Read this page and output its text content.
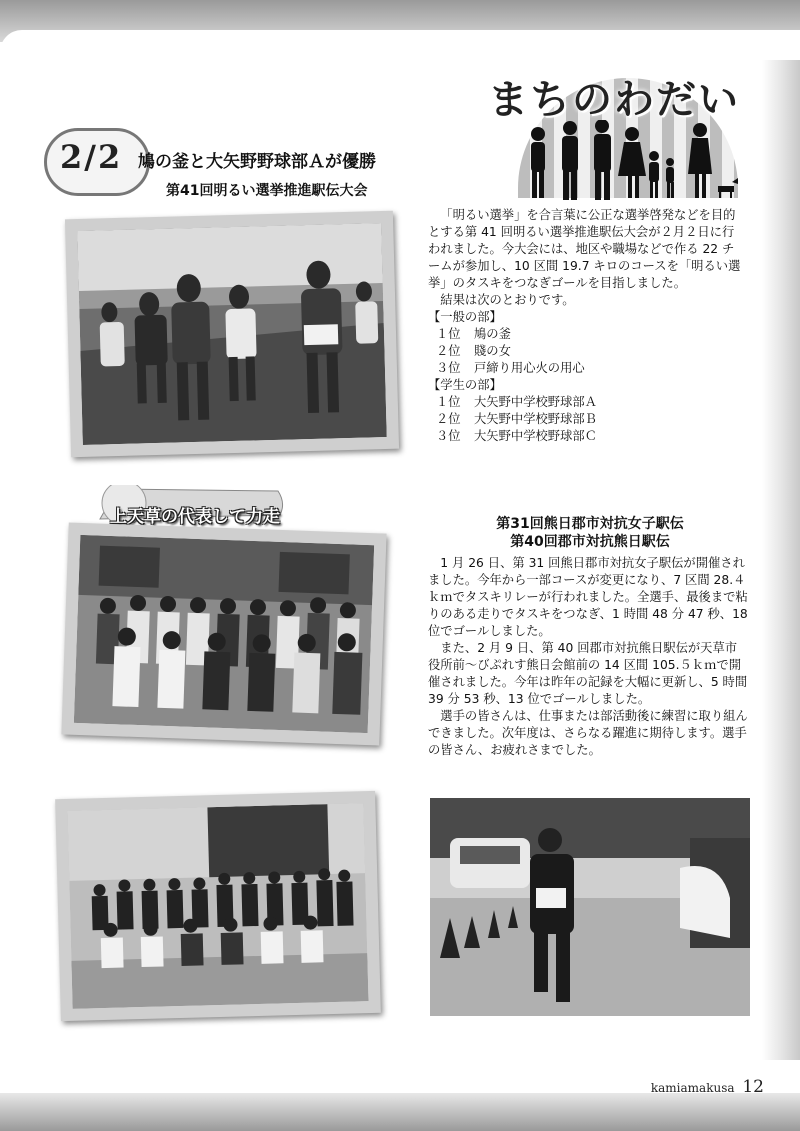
まちのわだい
2/2 鳩の釜と大矢野野球部Ａが優勝
第41回明るい選挙推進駅伝大会

「明るい選挙」を合言葉に公正な選挙啓発などを目的とする第 41 回明るい選挙推進駅伝大会が２月２日に行われました。今大会には、地区や職場などで作る 22 チームが参加し、10 区間 19.7 キロのコースを「明るい選挙」のタスキをつなぎゴールを目指しました。

結果は次のとおりです。

【一般の部】

１位 鳩の釜

２位 賤の女

３位 戸締り用心火の用心

【学生の部】

１位 大矢野中学校野球部Ａ

２位 大矢野中学校野球部Ｂ

３位 大矢野中学校野球部Ｃ

上天草の代表して力走	第31回熊日郡市対抗女子駅伝
第40回郡市対抗熊日駅伝

1 月 26 日、第 31 回熊日郡市対抗女子駅伝が開催されました。今年から一部コースが変更になり、7 区間 28.４ｋｍでタスキリレーが行われました。全選手、最後まで粘りのある走りでタスキをつなぎ、1 時間 48 分 47 秒、18 位でゴールしました。

また、2 月 9 日、第 40 回郡市対抗熊日駅伝が天草市役所前～びぷれす熊日会館前の 14 区間 105.５ｋｍで開催されました。今年は昨年の記録を大幅に更新し、5 時間 39 分 53 秒、13 位でゴールしました。

選手の皆さんは、仕事または部活動後に練習に取り組んできました。次年度は、さらなる躍進に期待します。選手の皆さん、お疲れさまでした。

kamiamakusa 12
